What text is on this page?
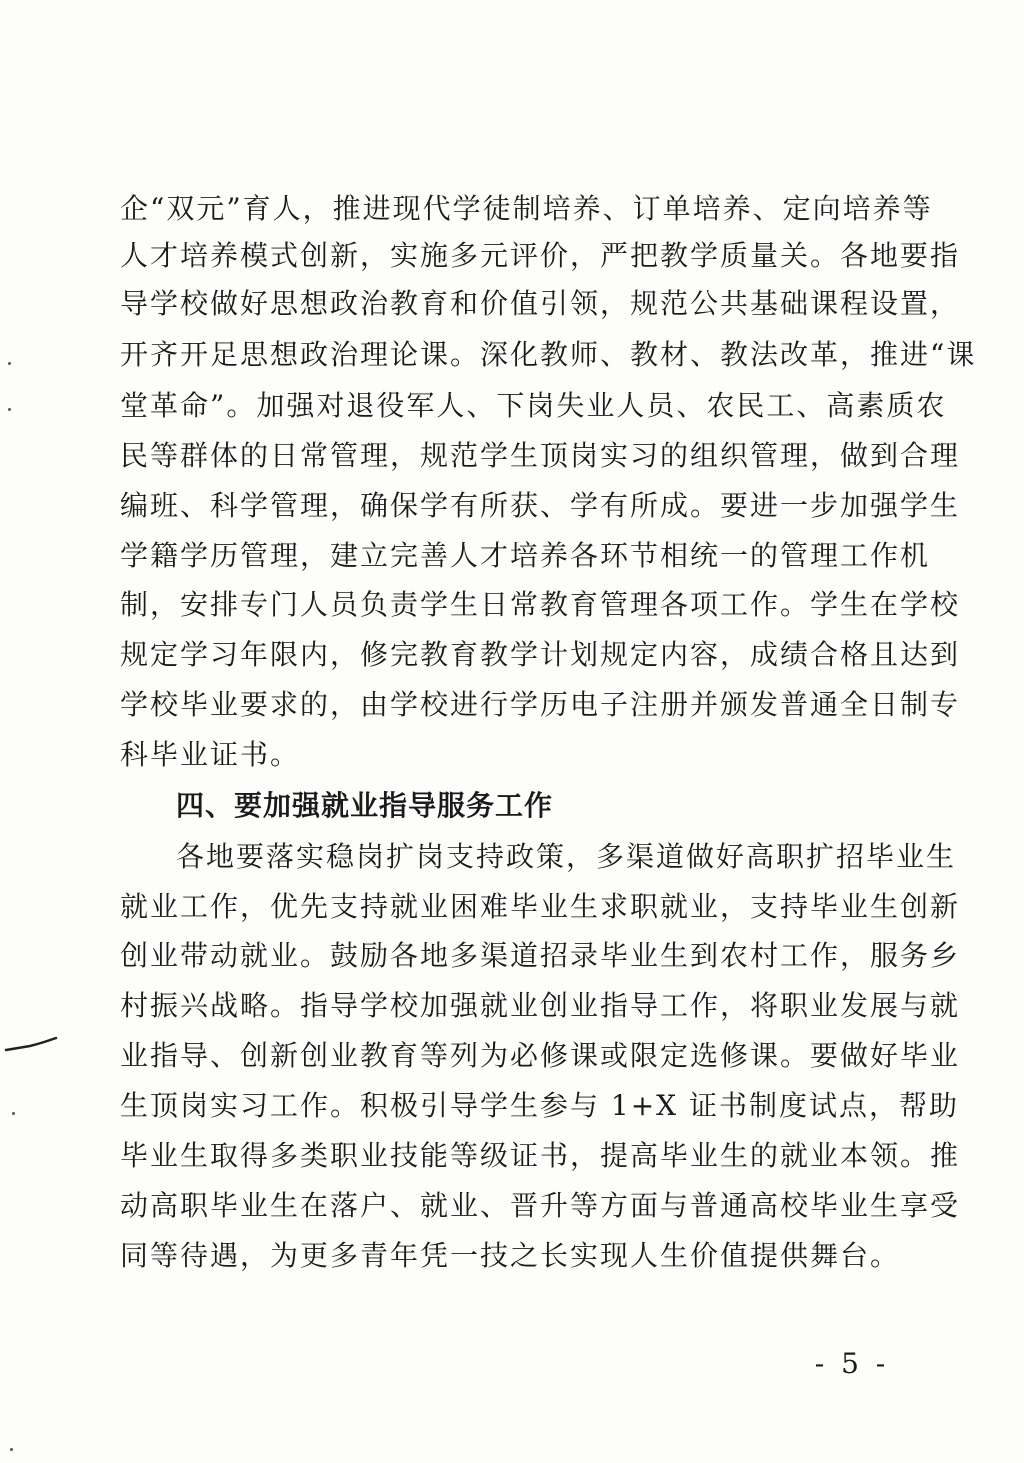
企“双元”育人，推进现代学徒制培养、订单培养、定向培养等
人才培养模式创新，实施多元评价，严把教学质量关。各地要指
导学校做好思想政治教育和价值引领，规范公共基础课程设置，
开齐开足思想政治理论课。深化教师、教材、教法改革，推进“课
堂革命”。加强对退役军人、下岗失业人员、农民工、高素质农
民等群体的日常管理，规范学生顶岗实习的组织管理，做到合理
编班、科学管理，确保学有所获、学有所成。要进一步加强学生
学籍学历管理，建立完善人才培养各环节相统一的管理工作机
制，安排专门人员负责学生日常教育管理各项工作。学生在学校
规定学习年限内，修完教育教学计划规定内容，成绩合格且达到
学校毕业要求的，由学校进行学历电子注册并颁发普通全日制专
科毕业证书。
四、要加强就业指导服务工作
各地要落实稳岗扩岗支持政策，多渠道做好高职扩招毕业生
就业工作，优先支持就业困难毕业生求职就业，支持毕业生创新
创业带动就业。鼓励各地多渠道招录毕业生到农村工作，服务乡
村振兴战略。指导学校加强就业创业指导工作，将职业发展与就
业指导、创新创业教育等列为必修课或限定选修课。要做好毕业
生顶岗实习工作。积极引导学生参与 1+X 证书制度试点，帮助
毕业生取得多类职业技能等级证书，提高毕业生的就业本领。推
动高职毕业生在落户、就业、晋升等方面与普通高校毕业生享受
同等待遇，为更多青年凭一技之长实现人生价值提供舞台。
- 5 -
